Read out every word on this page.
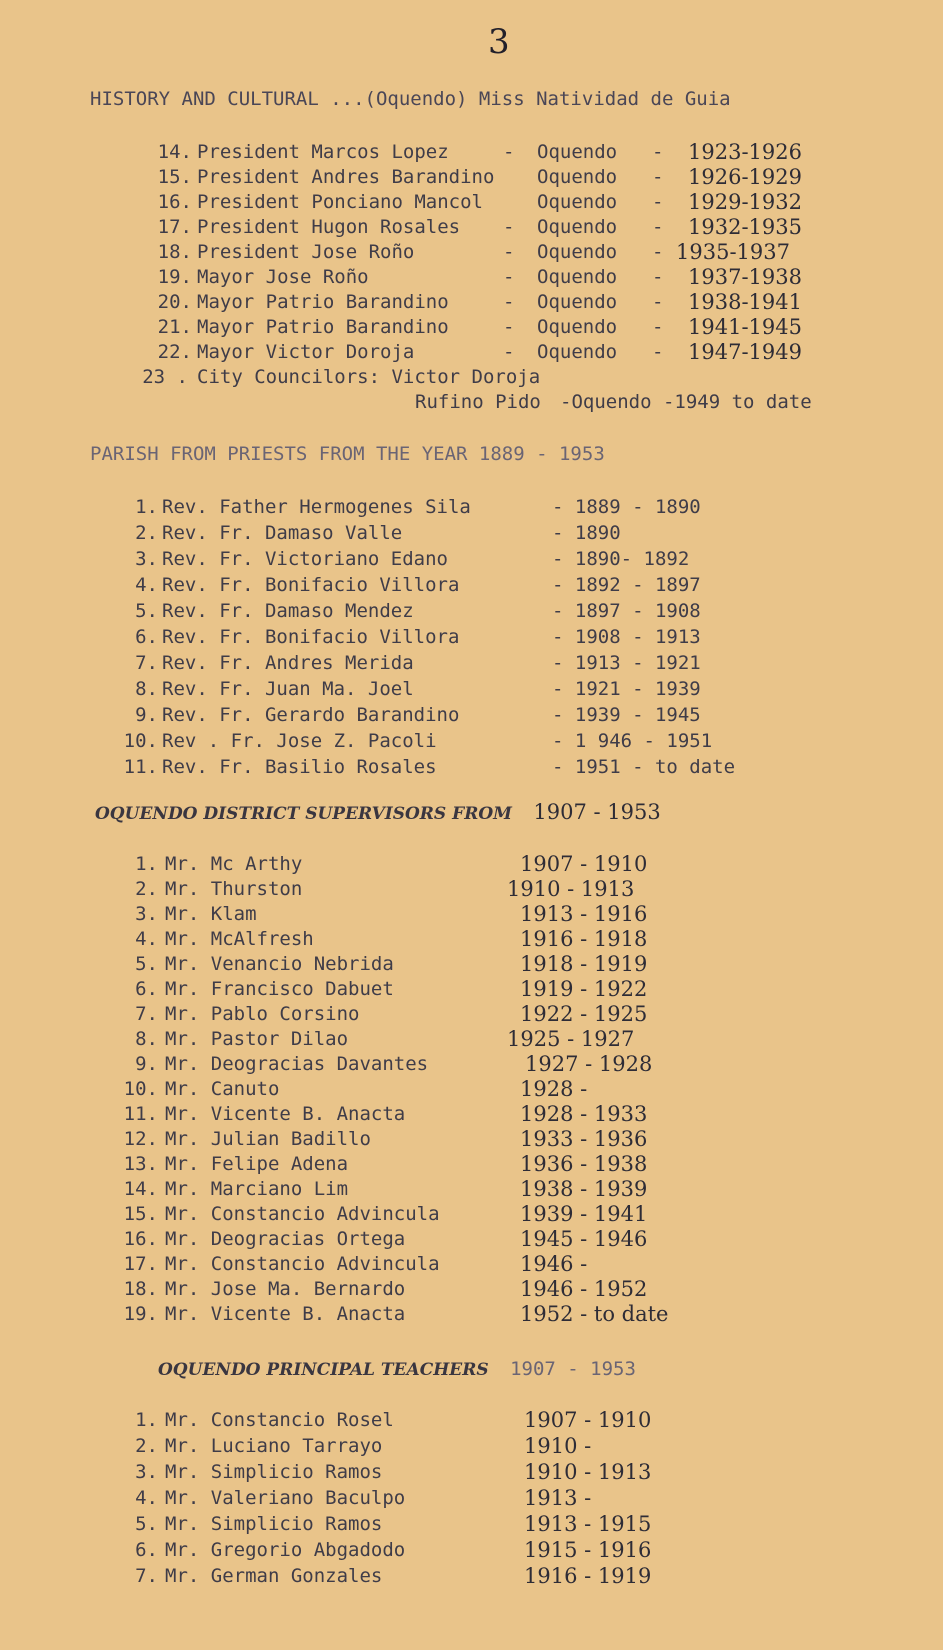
3
HISTORY AND CULTURAL ...(Oquendo) Miss Natividad de Guia
14. President Marcos Lopez	- Oquendo - 1923-1926
15. President Andres Barandino Oquendo - 1926-1929
16. President Ponciano Mancol	Oquendo - 1929-1932
17. President Hugon Rosales - Oquendo - 1932-1935
18. President Jose Roño	- Oquendo - 1935-1937
19. Mayor Jose Roño	- Oquendo - 1937-1938
20. Mayor Patrio Barandino	- Oquendo - 1938-1941
21. Mayor Patrio Barandino	- Oquendo - 1941-1945
22. Mayor Victor Doroja	- Oquendo - 1947-1949
23 . City Councilors: Victor Doroja
Rufino Pido -Oquendo -1949 to date
PARISH FROM PRIESTS FROM THE YEAR 1889 - 1953
1. Rev. Father Hermogenes Sila	- 1889 - 1890
2. Rev. Fr. Damaso Valle	- 1890
3. Rev. Fr. Victoriano Edano	- 1890- 1892
4. Rev. Fr. Bonifacio Villora	- 1892 - 1897
5. Rev. Fr. Damaso Mendez	- 1897 - 1908
6. Rev. Fr. Bonifacio Villora	- 1908 - 1913
7. Rev. Fr. Andres Merida	- 1913 - 1921
8. Rev. Fr. Juan Ma. Joel	- 1921 - 1939
9. Rev. Fr. Gerardo Barandino	- 1939 - 1945
10. Rev . Fr. Jose Z. Pacoli	- 1 946 - 1951
11. Rev. Fr. Basilio Rosales	- 1951 - to date
OQUENDO DISTRICT SUPERVISORS FROM 1907 - 1953
1. Mr. Mc Arthy	1907 - 1910
2. Mr. Thurston	1910 - 1913
3. Mr. Klam	1913 - 1916
4. Mr. McAlfresh	1916 - 1918
5. Mr. Venancio Nebrida	1918 - 1919
6. Mr. Francisco Dabuet	1919 - 1922
7. Mr. Pablo Corsino	1922 - 1925
8. Mr. Pastor Dilao	1925 - 1927
9. Mr. Deogracias Davantes	1927 - 1928
10. Mr. Canuto	1928 -
11. Mr. Vicente B. Anacta	1928 - 1933
12. Mr. Julian Badillo	1933 - 1936
13. Mr. Felipe Adena	1936 - 1938
14. Mr. Marciano Lim	1938 - 1939
15. Mr. Constancio Advincula	1939 - 1941
16. Mr. Deogracias Ortega	1945 - 1946
17. Mr. Constancio Advincula	1946 -
18. Mr. Jose Ma. Bernardo	1946 - 1952
19. Mr. Vicente B. Anacta	1952 - to date
OQUENDO PRINCIPAL TEACHERS 1907 - 1953
1. Mr. Constancio Rosel	1907 - 1910
2. Mr. Luciano Tarrayo	1910 -
3. Mr. Simplicio Ramos	1910 - 1913
4. Mr. Valeriano Baculpo	1913 -
5. Mr. Simplicio Ramos	1913 - 1915
6. Mr. Gregorio Abgadodo	1915 - 1916
7. Mr. German Gonzales	1916 - 1919
